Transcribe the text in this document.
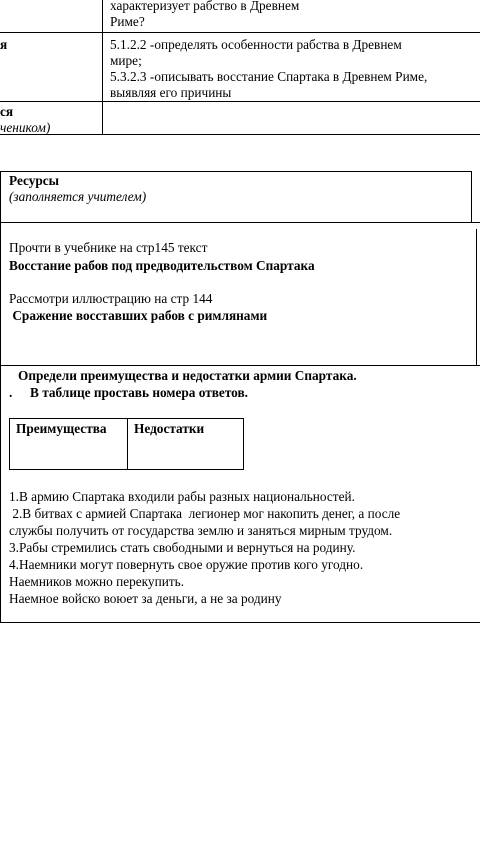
характеризует рабство в Древнем
Риме?
я	5.1.2.2 -определять особенности рабства в Древнем
мире;
5.3.2.3 -описывать восстание Спартака в Древнем Риме,
выявляя его причины
ся
чеником)
Ресурсы
(заполняется учителем)
Прочти в учебнике на стр145 текст
Восстание рабов под предводительством Спартака
Рассмотри иллюстрацию на стр 144
Сражение восставших рабов с римлянами
Определи преимущества и недостатки армии Спартака.
. В таблице проставь номера ответов.
Преимущества Недостатки
1.В армию Спартака входили рабы разных национальностей.
2.В битвах с армией Спартака  легионер мог накопить денег, а после
службы получить от государства землю и заняться мирным трудом.
3.Рабы стремились стать свободными и вернуться на родину.
4.Наемники могут повернуть свое оружие против кого угодно.
Наемников можно перекупить.
Наемное войско воюет за деньги, а не за родину
